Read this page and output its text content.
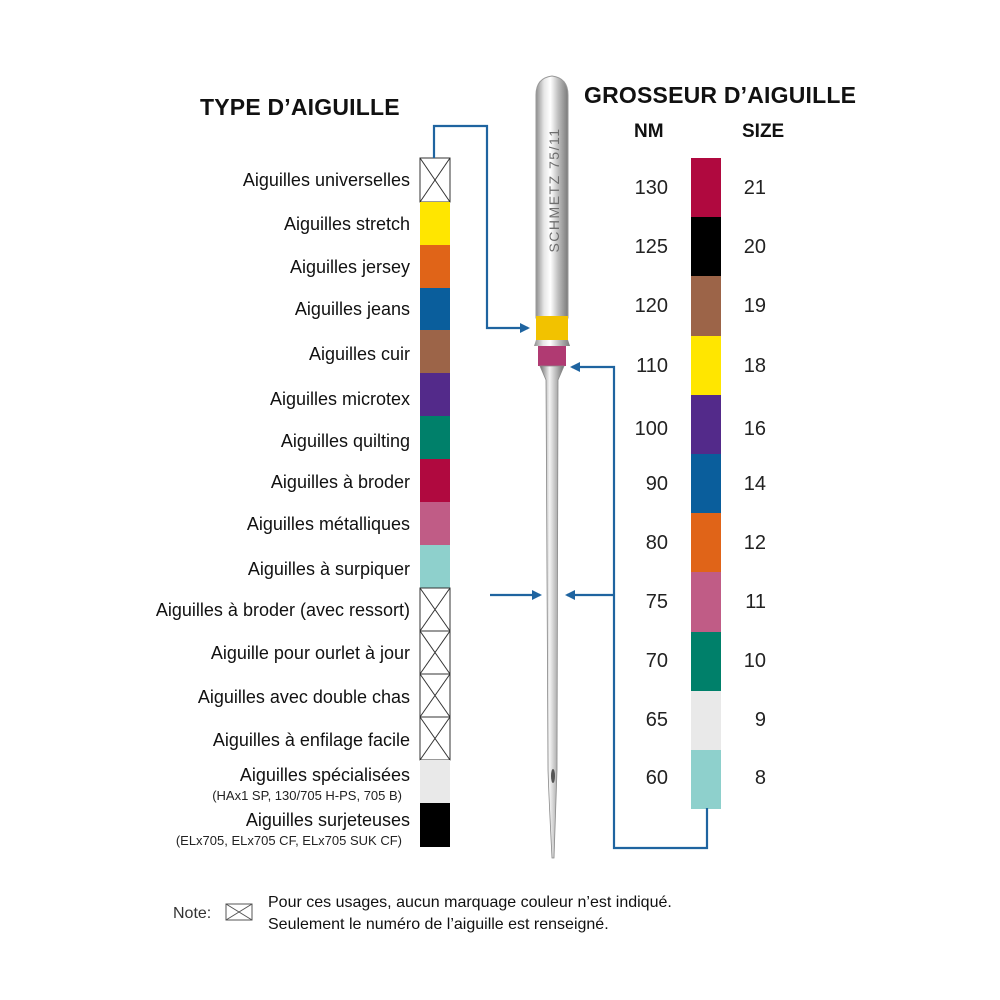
TYPE D’AIGUILLE	GROSSEUR D’AIGUILLE
NM	SIZE
Aiguilles universelles
Aiguilles stretch
Aiguilles jersey
Aiguilles jeans
Aiguilles cuir
Aiguilles microtex
Aiguilles quilting
Aiguilles à broder
Aiguilles métalliques
Aiguilles à surpiquer
Aiguilles à broder (avec ressort)
Aiguille pour ourlet à jour
Aiguilles avec double chas
Aiguilles à enfilage facile
Aiguilles spécialisées
(HAx1 SP, 130/705 H-PS, 705 B)
Aiguilles surjeteuses
(ELx705, ELx705 CF, ELx705 SUK CF)
130	21
125	20
120	19
110	18
100	16
90	14
80	12
75	11
70	10
65	9
60	8
SCHMETZ 75/11
Note:
Pour ces usages, aucun marquage couleur n’est indiqué.
Seulement le numéro de l’aiguille est renseigné.
